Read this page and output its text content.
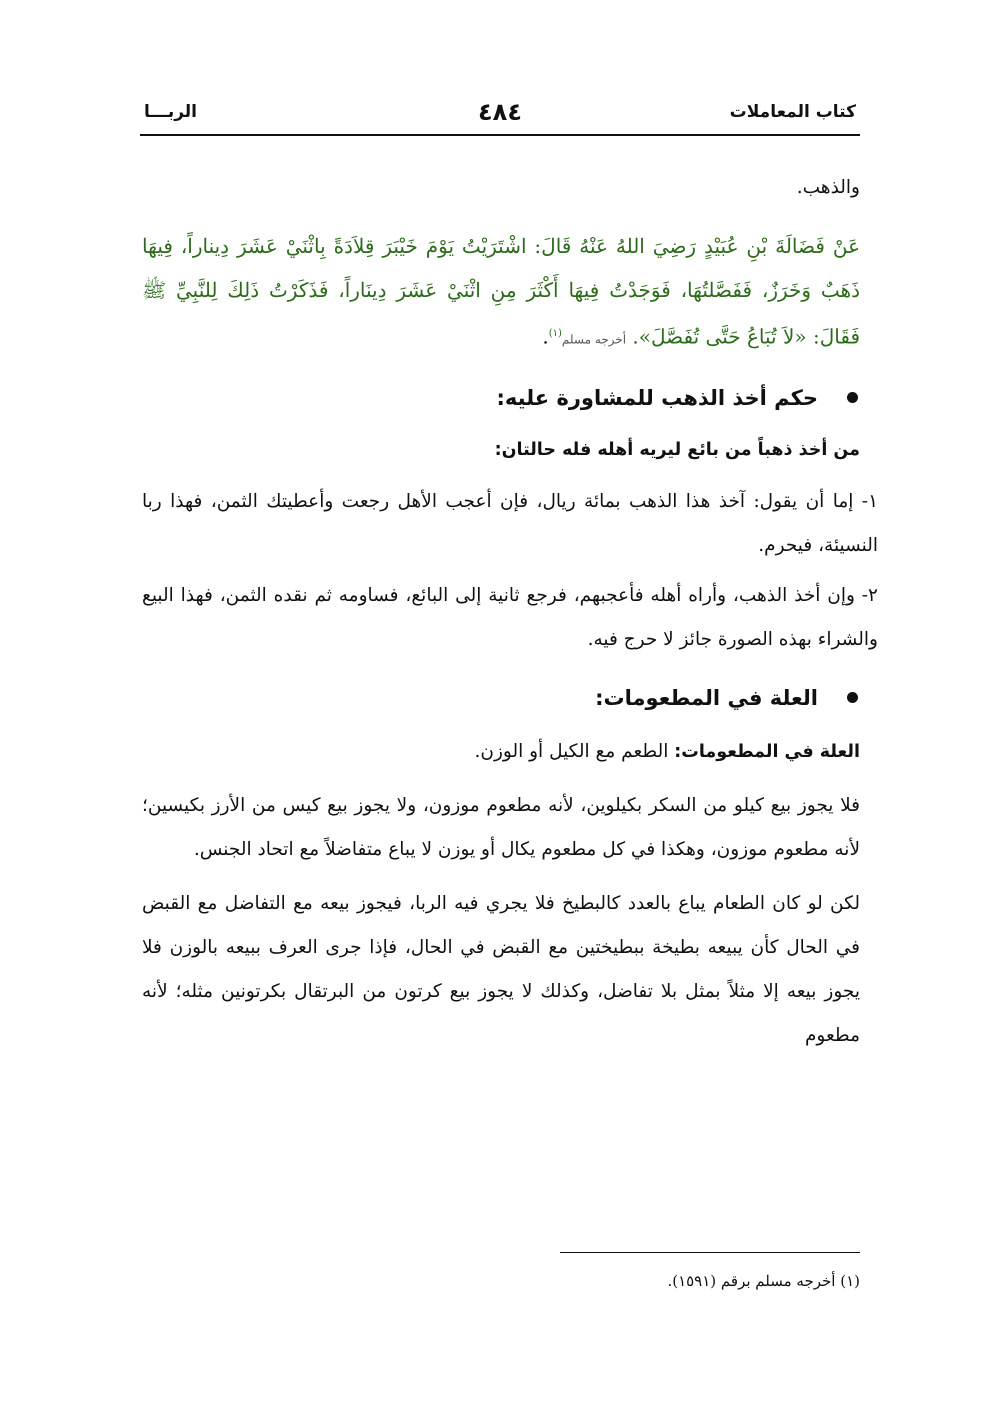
كتاب المعاملات
٤٨٤
الربـــا

والذهب.

عَنْ فَضَالَةَ بْنِ عُبَيْدٍ رَضِيَ اللهُ عَنْهُ قَالَ: اشْتَرَيْتُ يَوْمَ خَيْبَرَ قِلاَدَةً بِاثْنَيْ عَشَرَ دِيناراً، فِيهَا ذَهَبٌ وَخَرَزٌ، فَفَصَّلتُهَا، فَوَجَدْتُ فِيهَا أَكْثَرَ مِنِ اثْنَيْ عَشَرَ دِينَاراً، فَذَكَرْتُ ذَلِكَ لِلنَّبِيِّ ﷺ فَقَالَ: «لاَ تُبَاعُ حَتَّى تُفَصَّلَ». أخرجه مسلم$^{(١)}$.

حكم أخذ الذهب للمشاورة عليه:

من أخذ ذهباً من بائع ليريه أهله فله حالتان:

١- إما أن يقول: آخذ هذا الذهب بمائة ريال، فإن أعجب الأهل رجعت وأعطيتك الثمن، فهذا ربا النسيئة، فيحرم.

٢- وإن أخذ الذهب، وأراه أهله فأعجبهم، فرجع ثانية إلى البائع، فساومه ثم نقده الثمن، فهذا البيع والشراء بهذه الصورة جائز لا حرج فيه.

العلة في المطعومات:

العلة في المطعومات: الطعم مع الكيل أو الوزن.

فلا يجوز بيع كيلو من السكر بكيلوين، لأنه مطعوم موزون، ولا يجوز بيع كيس من الأرز بكيسين؛ لأنه مطعوم موزون، وهكذا في كل مطعوم يكال أو يوزن لا يباع متفاضلاً مع اتحاد الجنس.

لكن لو كان الطعام يباع بالعدد كالبطيخ فلا يجري فيه الربا، فيجوز بيعه مع التفاضل مع القبض في الحال كأن يبيعه بطيخة ببطيختين مع القبض في الحال، فإذا جرى العرف ببيعه بالوزن فلا يجوز بيعه إلا مثلاً بمثل بلا تفاضل، وكذلك لا يجوز بيع كرتون من البرتقال بكرتونين مثله؛ لأنه مطعوم

(١) أخرجه مسلم برقم (١٥٩١).
